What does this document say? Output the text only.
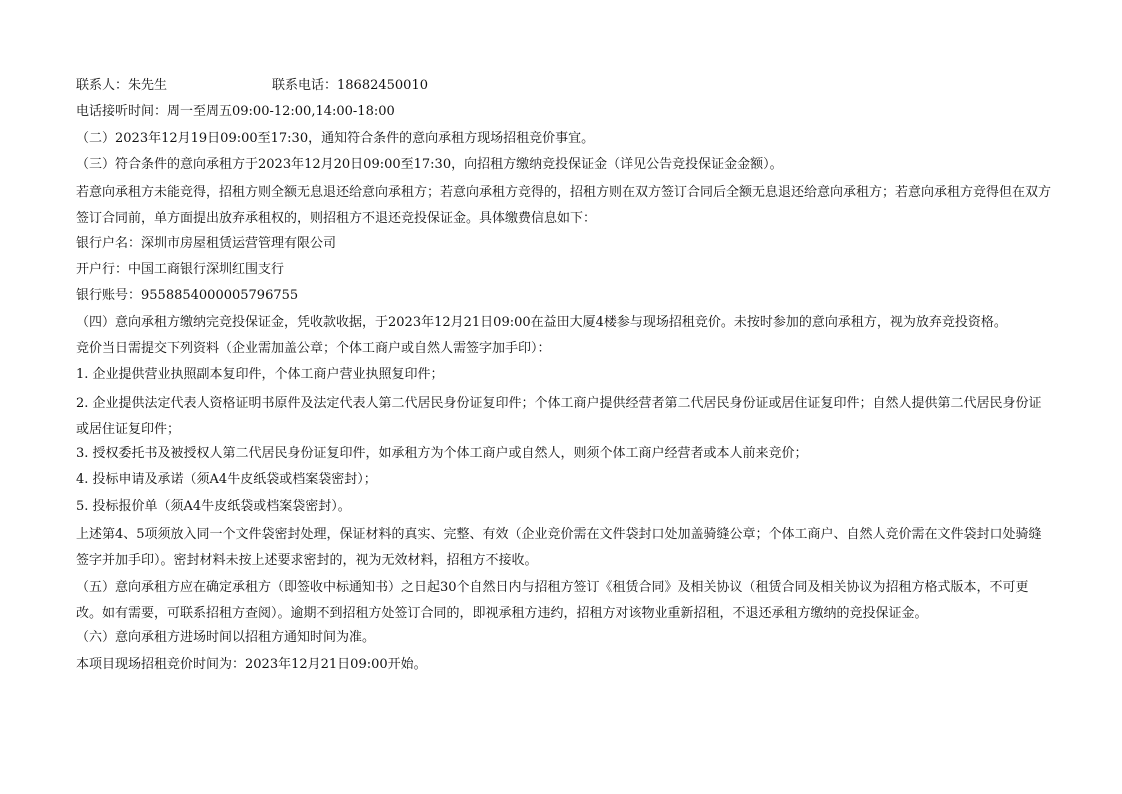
联系人：朱先生	联系电话：18682450010
电话接听时间：周一至周五09:00-12:00,14:00-18:00
（二）2023年12月19日09:00至17:30，通知符合条件的意向承租方现场招租竞价事宜。
（三）符合条件的意向承租方于2023年12月20日09:00至17:30，向招租方缴纳竞投保证金（详见公告竞投保证金金额）。
若意向承租方未能竞得，招租方则全额无息退还给意向承租方；若意向承租方竞得的，招租方则在双方签订合同后全额无息退还给意向承租方；若意向承租方竞得但在双方签订合同前，单方面提出放弃承租权的，则招租方不退还竞投保证金。具体缴费信息如下：
银行户名：深圳市房屋租赁运营管理有限公司
开户行：中国工商银行深圳红围支行
银行账号：9558854000005796755
（四）意向承租方缴纳完竞投保证金，凭收款收据，于2023年12月21日09:00在益田大厦4楼参与现场招租竞价。未按时参加的意向承租方，视为放弃竞投资格。
竞价当日需提交下列资料（企业需加盖公章；个体工商户或自然人需签字加手印）：
1. 企业提供营业执照副本复印件，个体工商户营业执照复印件；
2. 企业提供法定代表人资格证明书原件及法定代表人第二代居民身份证复印件；个体工商户提供经营者第二代居民身份证或居住证复印件；自然人提供第二代居民身份证或居住证复印件；
3. 授权委托书及被授权人第二代居民身份证复印件，如承租方为个体工商户或自然人，则须个体工商户经营者或本人前来竞价；
4. 投标申请及承诺（须A4牛皮纸袋或档案袋密封）；
5. 投标报价单（须A4牛皮纸袋或档案袋密封）。
上述第4、5项须放入同一个文件袋密封处理，保证材料的真实、完整、有效（企业竞价需在文件袋封口处加盖骑缝公章；个体工商户、自然人竞价需在文件袋封口处骑缝签字并加手印）。密封材料未按上述要求密封的，视为无效材料，招租方不接收。
（五）意向承租方应在确定承租方（即签收中标通知书）之日起30个自然日内与招租方签订《租赁合同》及相关协议（租赁合同及相关协议为招租方格式版本，不可更改。如有需要，可联系招租方查阅）。逾期不到招租方处签订合同的，即视承租方违约，招租方对该物业重新招租，不退还承租方缴纳的竞投保证金。
（六）意向承租方进场时间以招租方通知时间为准。
本项目现场招租竞价时间为：2023年12月21日09:00开始。
